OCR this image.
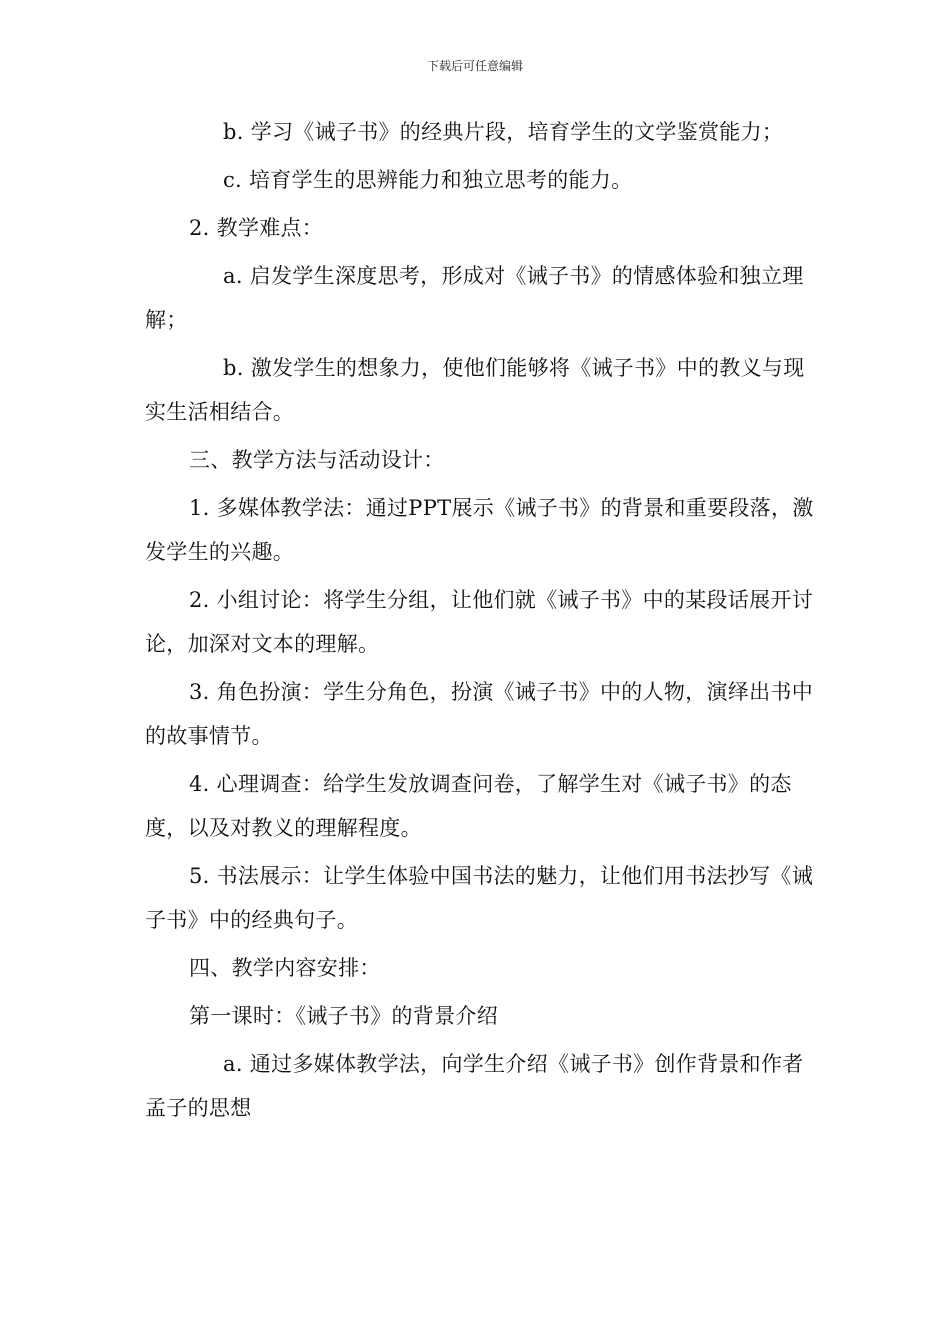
下载后可任意编辑

b. 学习《诫子书》的经典片段，培育学生的文学鉴赏能力；

c. 培育学生的思辨能力和独立思考的能力。

2. 教学难点：

a. 启发学生深度思考，形成对《诫子书》的情感体验和独立理解；

b. 激发学生的想象力，使他们能够将《诫子书》中的教义与现实生活相结合。

三、教学方法与活动设计：

1. 多媒体教学法：通过PPT展示《诫子书》的背景和重要段落，激发学生的兴趣。

2. 小组讨论：将学生分组，让他们就《诫子书》中的某段话展开讨论，加深对文本的理解。

3. 角色扮演：学生分角色，扮演《诫子书》中的人物，演绎出书中的故事情节。

4. 心理调查：给学生发放调查问卷，了解学生对《诫子书》的态度，以及对教义的理解程度。

5. 书法展示：让学生体验中国书法的魅力，让他们用书法抄写《诫子书》中的经典句子。

四、教学内容安排：

第一课时：《诫子书》的背景介绍

a. 通过多媒体教学法，向学生介绍《诫子书》创作背景和作者孟子的思想
